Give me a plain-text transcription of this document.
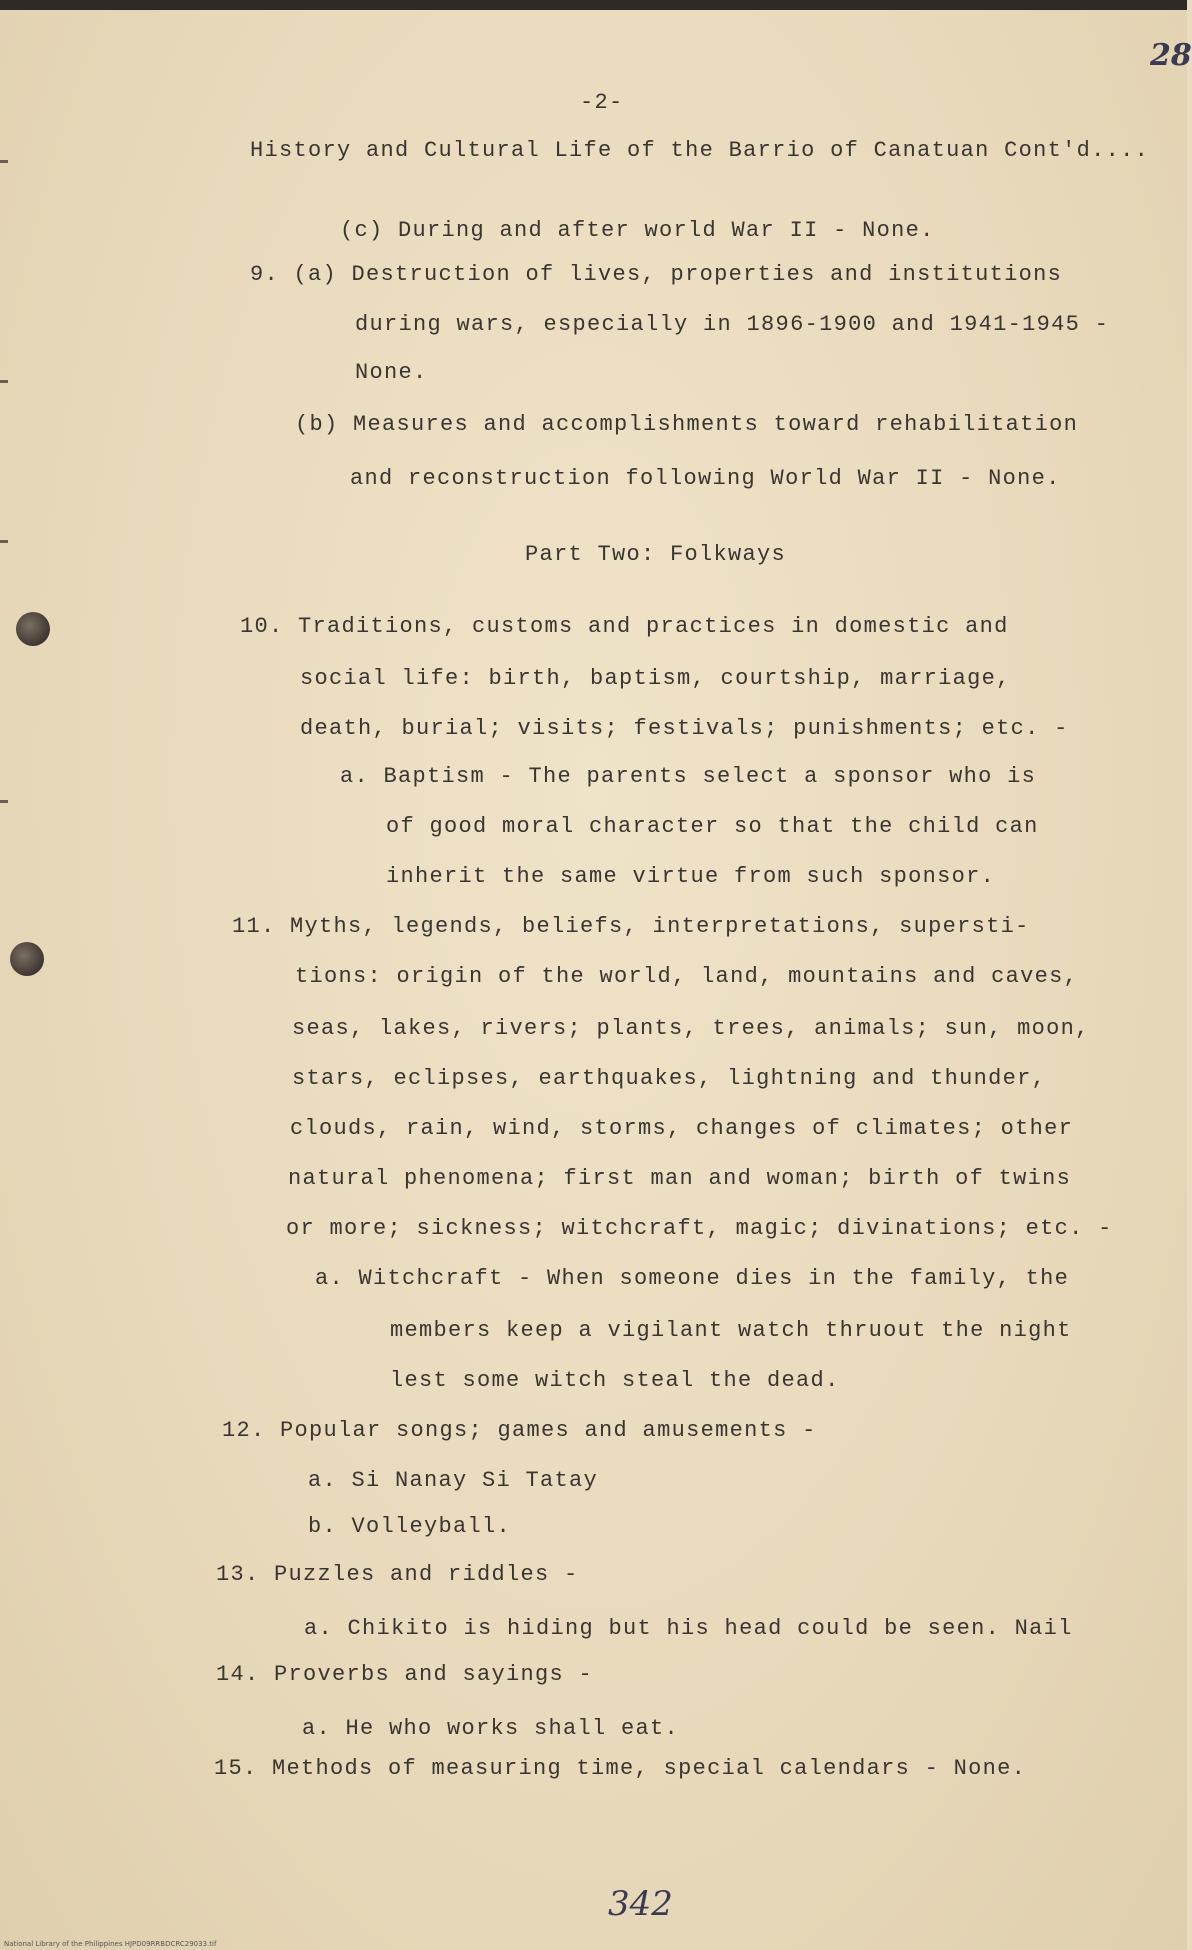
28
-2-
History and Cultural Life of the Barrio of Canatuan Cont'd....
(c) During and after world War II - None.
9. (a) Destruction of lives, properties and institutions
during wars, especially in 1896-1900 and 1941-1945 -
None.
(b) Measures and accomplishments toward rehabilitation
and reconstruction following World War II - None.
Part Two: Folkways
10. Traditions, customs and practices in domestic and
social life: birth, baptism, courtship, marriage,
death, burial; visits; festivals; punishments; etc. -
a. Baptism - The parents select a sponsor who is
of good moral character so that the child can
inherit the same virtue from such sponsor.
11. Myths, legends, beliefs, interpretations, supersti-
tions: origin of the world, land, mountains and caves,
seas, lakes, rivers; plants, trees, animals; sun, moon,
stars, eclipses, earthquakes, lightning and thunder,
clouds, rain, wind, storms, changes of climates; other
natural phenomena; first man and woman; birth of twins
or more; sickness; witchcraft, magic; divinations; etc. -
a. Witchcraft - When someone dies in the family, the
members keep a vigilant watch thruout the night
lest some witch steal the dead.
12. Popular songs; games and amusements -
a. Si Nanay Si Tatay
b. Volleyball.
13. Puzzles and riddles -
a. Chikito is hiding but his head could be seen. Nail
14. Proverbs and sayings -
a. He who works shall eat.
15. Methods of measuring time, special calendars - None.
342
National Library of the Philippines HJPD09RRBDCRC29033.tif
